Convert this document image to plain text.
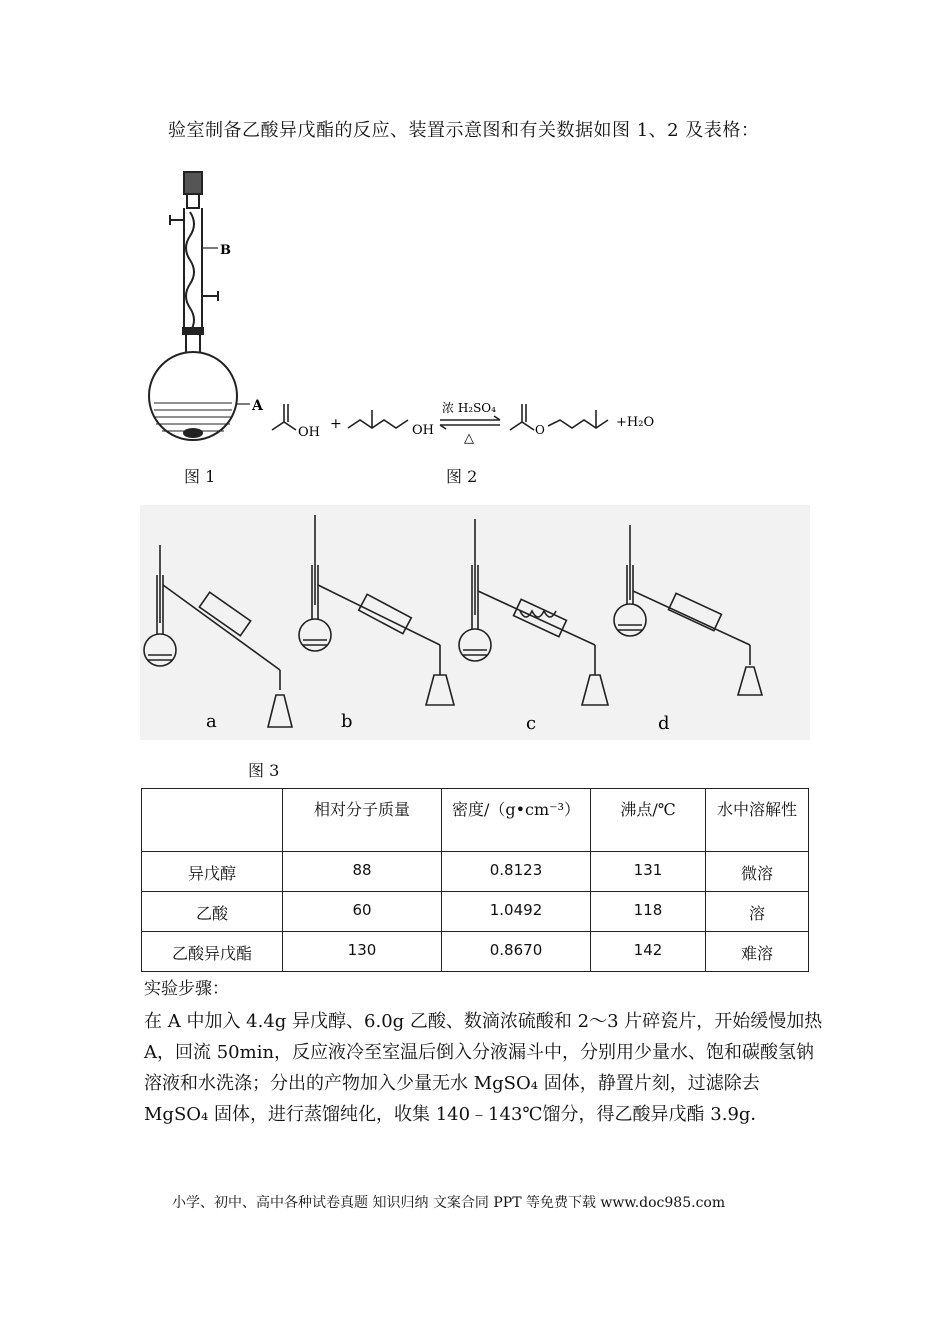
验室制备乙酸异戊酯的反应、装置示意图和有关数据如图 1、2 及表格：
B
A
OH
+	OH
浓 H₂SO₄
△
O	+H₂O
图 1	图 2
a	b	c	d
图 3
	相对分子质量	密度/（g•cm⁻³）	沸点/℃	水中溶解性
异戊醇	88	0.8123	131	微溶
乙酸	60	1.0492	118	溶
乙酸异戊酯	130	0.8670	142	难溶
实验步骤：

在 A 中加入 4.4g 异戊醇、6.0g 乙酸、数滴浓硫酸和 2～3 片碎瓷片，开始缓慢加热 A，回流 50min，反应液冷至室温后倒入分液漏斗中，分别用少量水、饱和碳酸氢钠溶液和水洗涤；分出的产物加入少量无水 MgSO₄ 固体，静置片刻，过滤除去 MgSO₄ 固体，进行蒸馏纯化，收集 140﹣143℃馏分，得乙酸异戊酯 3.9g．

小学、初中、高中各种试卷真题 知识归纳 文案合同 PPT 等免费下载 www.doc985.com
